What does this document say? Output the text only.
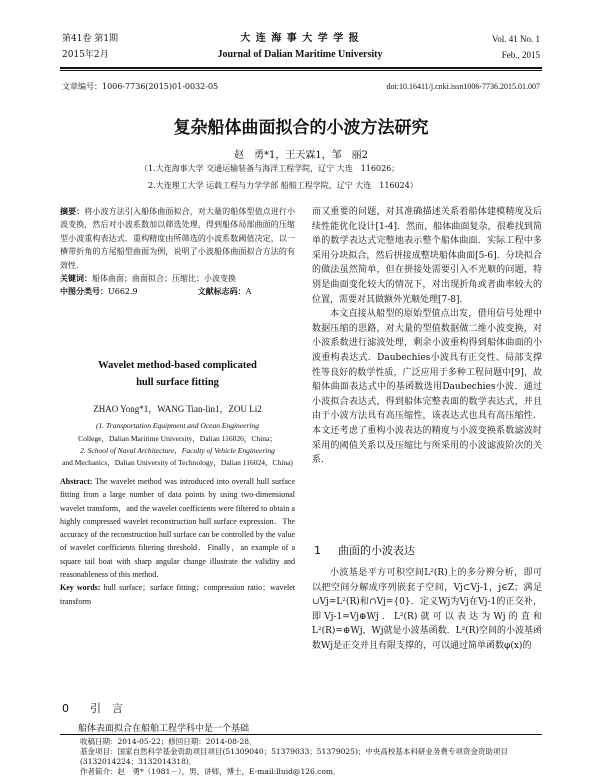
第41卷 第1期
2015年2月
大 连 海 事 大 学 学 报
Journal of Dalian Maritime University
Vol. 41 No. 1
Feb., 2015
文章编号：1006-7736(2015)01-0032-05	doi:10.16411/j.cnki.issn1006-7736.2015.01.007
复杂船体曲面拟合的小波方法研究
赵　勇*1，王天霖1，邹　丽2
（1.大连海事大学 交通运输装备与海洋工程学院，辽宁 大连　116026；
2.大连理工大学 运载工程与力学学部 船舶工程学院，辽宁 大连　116024）

摘要：将小波方法引入船体曲面拟合，对大量的船体型值点进行小波变换，然后对小波系数加以筛选处理，得到船体局部曲面的压缩型小波重构表达式．重构精度由所筛选的小波系数阈值决定，以一横带折角的方尾船型曲面为例，说明了小波船体曲面拟合方法的有效性．

关键词：船体曲面；曲面拟合；压缩比；小波变换

中图分类号：U662.9	文献标志码：A

Wavelet method-based complicated
hull surface fitting
ZHAO Yong*1，WANG Tian-lin1，ZOU Li2
(1. Transportation Equipment and Ocean Engineering
College，Dalian Maritime University，Dalian 116026，China；
2. School of Naval Architecture，Faculty of Vehicle Engineering
and Mechanics，Dalian University of Technology，Dalian 116024，China)

Abstract: The wavelet method was introduced into overall hull surface fitting from a large number of data points by using two-dimensional wavelet transform，and the wavelet coefficients were filtered to obtain a highly compressed wavelet reconstruction hull surface expression．The accuracy of the reconstruction hull surface can be controlled by the value of wavelet coefficients filtering threshold．Finally，an example of a square tail boat with sharp angular change illustrate the validity and reasonableness of this method．

Key words: hull surface；surface fitting；compression ratio；wavelet transform

0 引　言
船体表面拟合在船舶工程学科中是一个基础

而又重要的问题，对其准确描述关系着船体建模精度及后续性能优化设计[1-4]．然而，船体曲面复杂，很难找到简单的数学表达式完整地表示整个船体曲面．实际工程中多采用分块拟合，然后拼接成整块船体曲面[5-6]．分块拟合的做法虽然简单，但在拼接处需要引入不光顺的问题，特别是曲面变化较大的情况下，对出现折角或者曲率较大的位置，需要对其做额外光顺处理[7-8]．

本文直接从船型的原始型值点出发，借用信号处理中数据压缩的思路，对大量的型值数据做二维小波变换，对小波系数进行滤波处理，剩余小波重构得到船体曲面的小波重构表达式．Daubechies小波具有正交性、局部支撑性等良好的数学性质，广泛应用于多种工程问题中[9]，故船体曲面表达式中的基函数选用Daubechies小波．通过小波拟合表达式，得到船体完整表面的数学表达式，并且由于小波方法具有高压缩性，该表达式也具有高压缩性．本文还考虑了重构小波表达的精度与小波变换系数滤波时采用的阈值关系以及压缩比与所采用的小波滤波阶次的关系．

1 曲面的小波表达
小波基是平方可积空间L²(R)上的多分辨分析，即可以把空间分解成序列嵌套子空间，Vj⊂Vj-1，j∈Z；满足∪Vj=L²(R)和∩Vj={0}．定义Wj为Vj在Vj-1的正交补，即Vj-1=Vj⊕Wj．L²(R)就可以表达为Wj的直和L²(R)=⊕Wj，Wj就是小波基函数．L²(R)空间的小波基函数Wj是正交并且有限支撑的，可以通过简单函数φ(x)的
收稿日期：2014-05-22；修回日期：2014-08-28．
基金项目：国家自然科学基金资助项目项目(51309040；51379033；51379025)；中央高校基本科研业务费专项资金资助项目(3132014224；3132014318)．
作者简介：赵　勇*（1981－），男，讲师，博士，E-mail:lluid@126.com．
